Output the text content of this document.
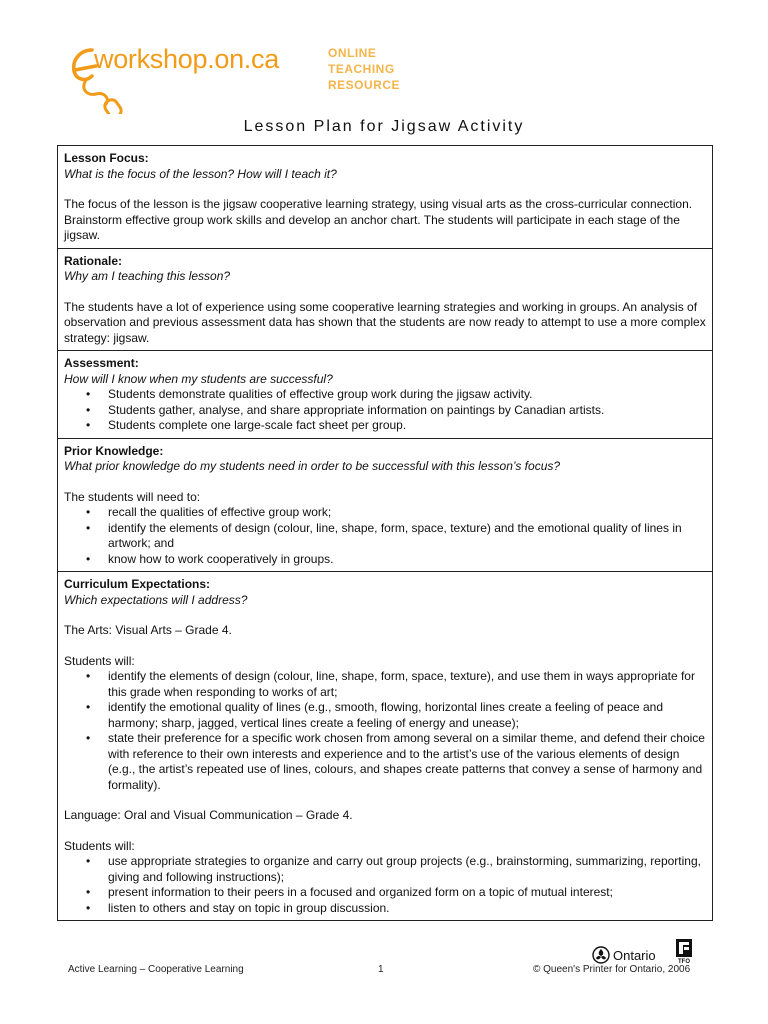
workshop.on.ca	ONLINE
TEACHING
RESOURCE
Lesson Plan for Jigsaw Activity
Lesson Focus:
What is the focus of the lesson? How will I teach it?
The focus of the lesson is the jigsaw cooperative learning strategy, using visual arts as the cross-curricular connection. Brainstorm effective group work skills and develop an anchor chart. The students will participate in each stage of the jigsaw.
Rationale:
Why am I teaching this lesson?
The students have a lot of experience using some cooperative learning strategies and working in groups. An analysis of observation and previous assessment data has shown that the students are now ready to attempt to use a more complex strategy: jigsaw.
Assessment:
How will I know when my students are successful?
• Students demonstrate qualities of effective group work during the jigsaw activity.
• Students gather, analyse, and share appropriate information on paintings by Canadian artists.
• Students complete one large-scale fact sheet per group.
Prior Knowledge:
What prior knowledge do my students need in order to be successful with this lesson’s focus?
The students will need to:
• recall the qualities of effective group work;
• identify the elements of design (colour, line, shape, form, space, texture) and the emotional quality of lines in artwork; and
• know how to work cooperatively in groups.
Curriculum Expectations:
Which expectations will I address?
The Arts: Visual Arts – Grade 4.
Students will:
• identify the elements of design (colour, line, shape, form, space, texture), and use them in ways appropriate for this grade when responding to works of art;
• identify the emotional quality of lines (e.g., smooth, flowing, horizontal lines create a feeling of peace and harmony; sharp, jagged, vertical lines create a feeling of energy and unease);
• state their preference for a specific work chosen from among several on a similar theme, and defend their choice with reference to their own interests and experience and to the artist’s use of the various elements of design (e.g., the artist’s repeated use of lines, colours, and shapes create patterns that convey a sense of harmony and formality).
Language: Oral and Visual Communication – Grade 4.
Students will:
• use appropriate strategies to organize and carry out group projects (e.g., brainstorming, summarizing, reporting, giving and following instructions);
• present information to their peers in a focused and organized form on a topic of mutual interest;
• listen to others and stay on topic in group discussion.
Ontario	TFO
Active Learning – Cooperative Learning	1	© Queen's Printer for Ontario, 2006
